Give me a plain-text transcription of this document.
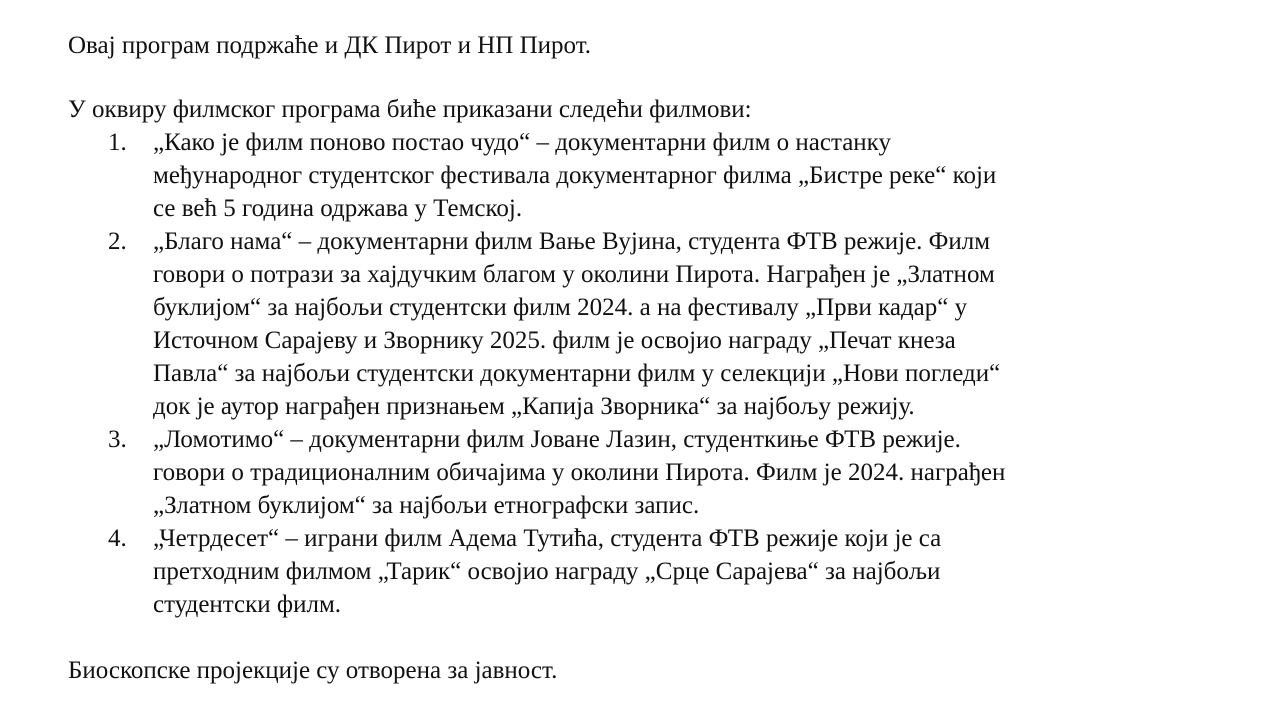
Овај програм подржаће и ДК Пирот и НП Пирот.

У оквиру филмског програма биће приказани следећи филмови:

1. „Како је филм поново постао чудо“ – документарни филм о настанку
међународног студентског фестивала документарног филма „Бистре реке“ који
се већ 5 година одржава у Темској.
2. „Благо нама“ – документарни филм Вање Вујина, студента ФТВ режије. Филм
говори о потрази за хајдучким благом у околини Пирота. Награђен је „Златном
буклијом“ за најбољи студентски филм 2024. а на фестивалу „Први кадар“ у
Источном Сарајеву и Зворнику 2025. филм је освојио награду „Печат кнеза
Павла“ за најбољи студентски документарни филм у селекцији „Нови погледи“
док је аутор награђен признањем „Капија Зворника“ за најбољу режију.
3. „Ломотимо“ – документарни филм Јоване Лазин, студенткиње ФТВ режије.
говори о традиционалним обичајима у околини Пирота. Филм је 2024. награђен
„Златном буклијом“ за најбољи етнографски запис.
4. „Четрдесет“ – играни филм Адема Тутића, студента ФТВ режије који је са
претходним филмом „Тарик“ освојио награду „Срце Сарајева“ за најбољи
студентски филм.

Биоскопске пројекције су отворена за јавност.
